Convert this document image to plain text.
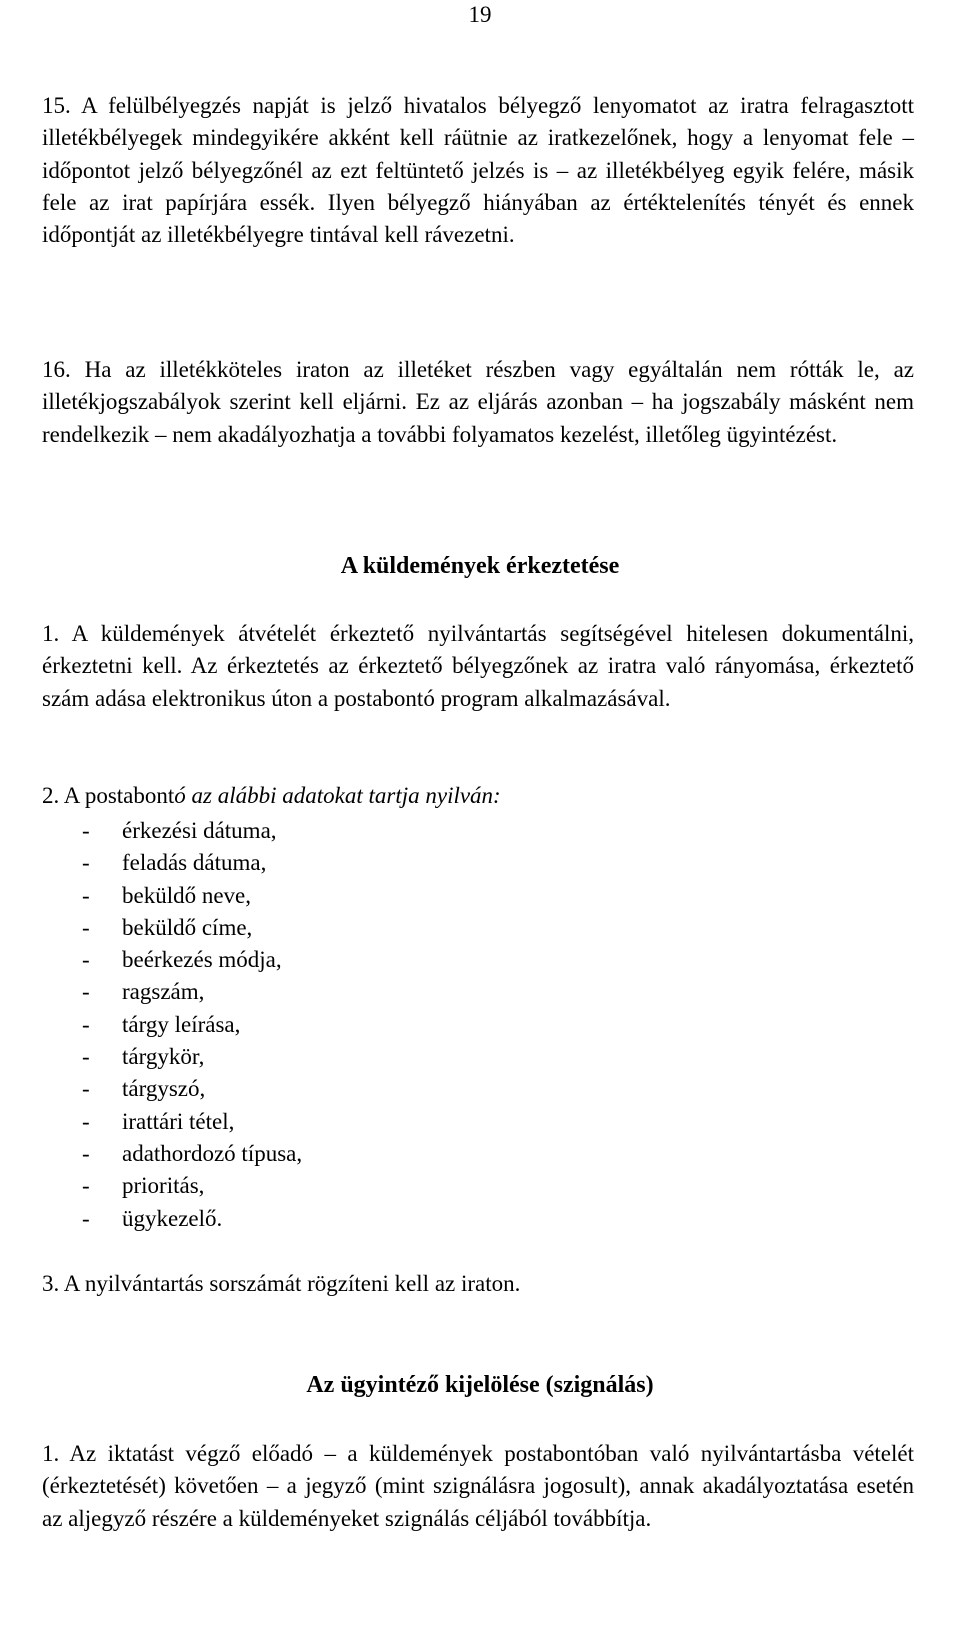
19
15. A felülbélyegzés napját is jelző hivatalos bélyegző lenyomatot az iratra felragasztott illetékbélyegek mindegyikére akként kell ráütnie az iratkezelőnek, hogy a lenyomat fele – időpontot jelző bélyegzőnél az ezt feltüntető jelzés is – az illetékbélyeg egyik felére, másik fele az irat papírjára essék. Ilyen bélyegző hiányában az értéktelenítés tényét és ennek időpontját az illetékbélyegre tintával kell rávezetni.
16. Ha az illetékköteles iraton az illetéket részben vagy egyáltalán nem rótták le, az illetékjogszabályok szerint kell eljárni. Ez az eljárás azonban – ha jogszabály másként nem rendelkezik – nem akadályozhatja a további folyamatos kezelést, illetőleg ügyintézést.
A küldemények érkeztetése
1. A küldemények átvételét érkeztető nyilvántartás segítségével hitelesen dokumentálni, érkeztetni kell. Az érkeztetés az érkeztető bélyegzőnek az iratra való rányomása, érkeztető szám adása elektronikus úton a postabontó program alkalmazásával.
2. A postabontó az alábbi adatokat tartja nyilván:
- érkezési dátuma,
- feladás dátuma,
- beküldő neve,
- beküldő címe,
- beérkezés módja,
- ragszám,
- tárgy leírása,
- tárgykör,
- tárgyszó,
- irattári tétel,
- adathordozó típusa,
- prioritás,
- ügykezelő.
3. A nyilvántartás sorszámát rögzíteni kell az iraton.
Az ügyintéző kijelölése (szignálás)
1. Az iktatást végző előadó – a küldemények postabontóban való nyilvántartásba vételét (érkeztetését) követően – a jegyző (mint szignálásra jogosult), annak akadályoztatása esetén az aljegyző részére a küldeményeket szignálás céljából továbbítja.
